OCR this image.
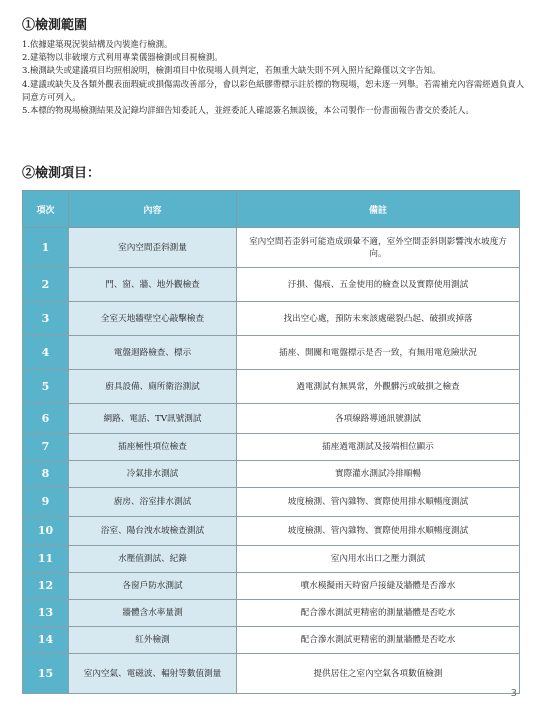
①檢測範圍

1.依據建築現況裝結構及內裝進行檢測。

2.建築物以非破壞方式利用專業儀器檢測或目視檢測。

3.檢測缺失或建議項目均照相說明，檢測項目中依現場人員判定，若無重大缺失則不列入照片紀錄僅以文字告知。

4.建議或缺失及各類外觀表面瑕疵或損傷需改善部分，會以彩色紙膠帶標示註於標的物現場，恕未逐一列舉。若需補充內容需經過負責人同意方可列入。

5.本標的物現場檢測結果及記錄均詳細告知委託人，並經委託人確認簽名無誤後，本公司製作一份書面報告書交於委託人。

②檢測項目：
項次	內容	備註
1	室內空間歪斜測量	室內空間若歪斜可能造成頭暈不適，室外空間歪斜則影響洩水坡度方向。
2	門、窗、牆、地外觀檢查	汙損、傷痕、五金使用的檢查以及實際使用測試
3	全室天地牆壁空心敲擊檢查	找出空心處，預防未來該處磁裂凸起、破損或掉落
4	電盤迴路檢查、標示	插座、開關和電盤標示是否一致，有無用電危險狀況
5	廚具設備、廁所衛浴測試	過電測試有無異常，外觀髒污或破損之檢查
6	網路、電話、TV訊號測試	各項線路導通訊號測試
7	插座極性項位檢查	插座過電測試及接端相位顯示
8	冷氣排水測試	實際灌水測試冷排順暢
9	廚房、浴室排水測試	坡度檢測、管內雜物、實際使用排水順暢度測試
10	浴室、陽台洩水坡檢查測試	坡度檢測、管內雜物、實際使用排水順暢度測試
11	水壓值測試、紀錄	室內用水出口之壓力測試
12	各窗戶防水測試	噴水模擬雨天時窗戶接縫及牆體是否滲水
13	牆體含水率量測	配合滲水測試更精密的測量牆體是否吃水
14	紅外檢測	配合滲水測試更精密的測量牆體是否吃水
15	室內空氣、電磁波、輻射等數值測量	提供居住之室內空氣各項數值檢測
3
